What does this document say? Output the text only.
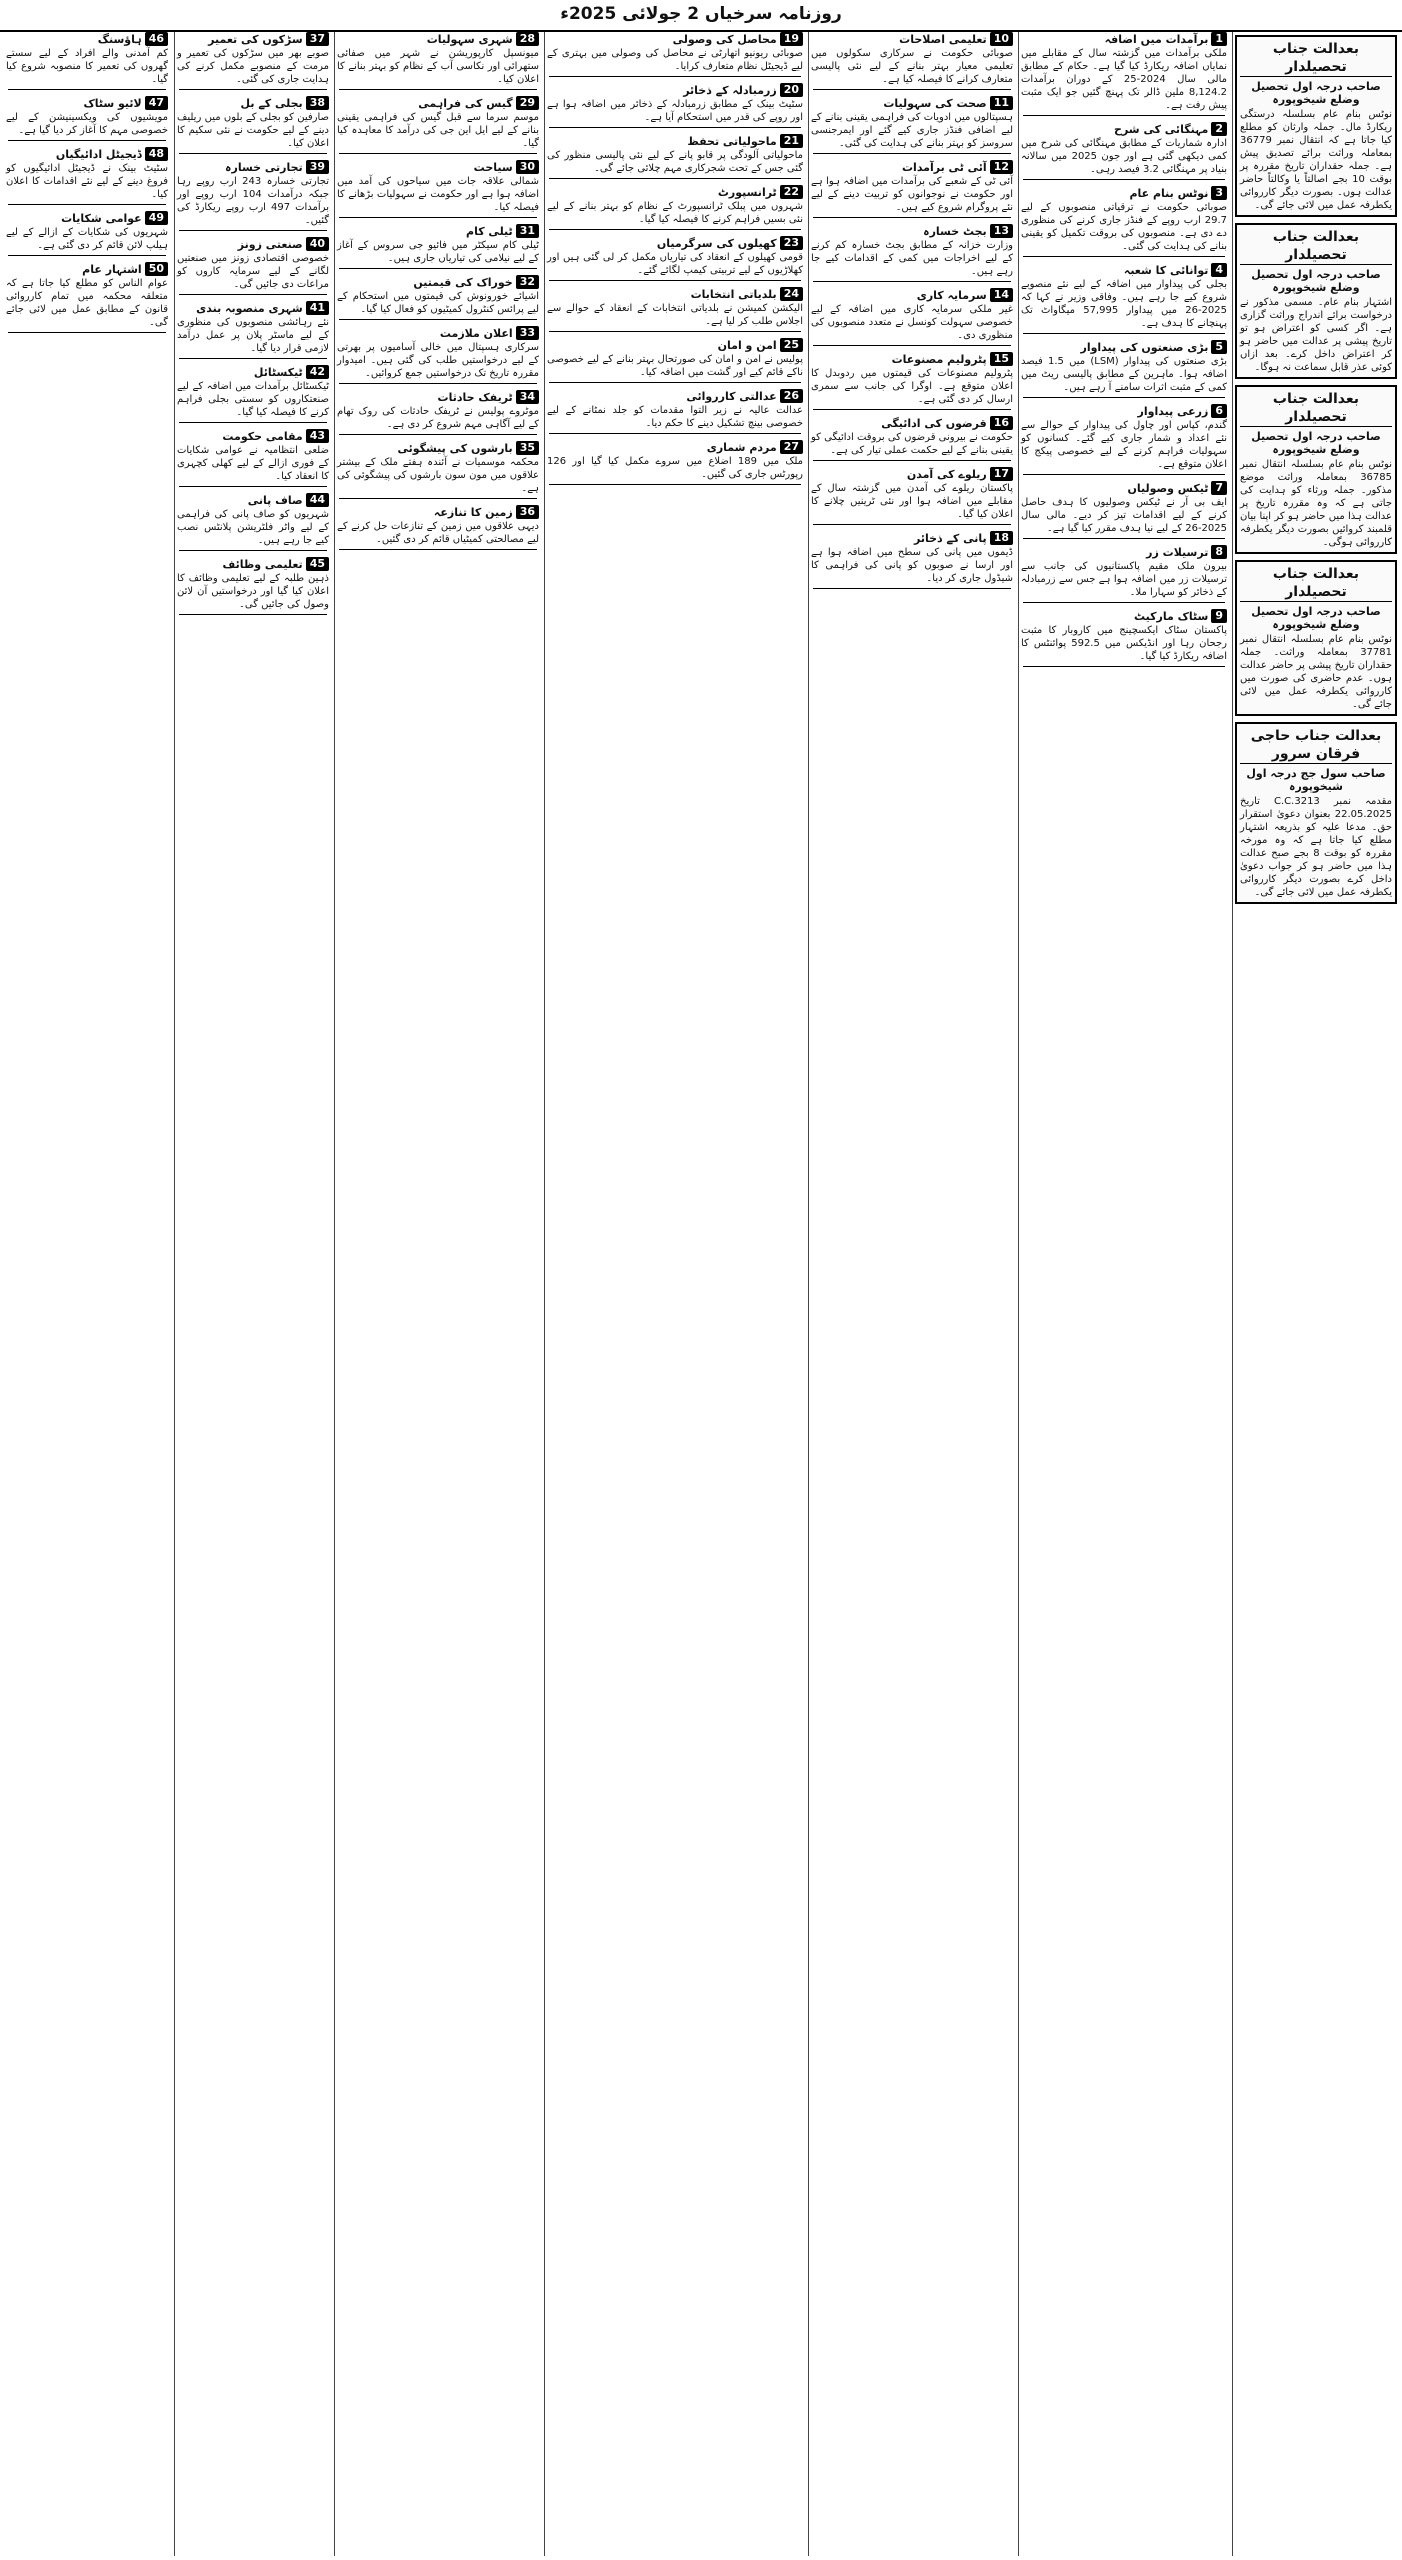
روزنامہ سرخیاں 2 جولائی 2025ء
بعدالت جناب تحصیلدار
صاحب درجہ اول تحصیل وضلع شیخوپورہ
نوٹس بنام عام بسلسلہ درستگی ریکارڈ مال۔ جملہ وارثان کو مطلع کیا جاتا ہے کہ انتقال نمبر 36779 بمعاملہ وراثت برائے تصدیق پیش ہے۔ جملہ حقداران تاریخ مقررہ پر بوقت 10 بجے اصالتاً یا وکالتاً حاضر عدالت ہوں۔ بصورت دیگر کارروائی یکطرفہ عمل میں لائی جائے گی۔
بعدالت جناب تحصیلدار
صاحب درجہ اول تحصیل وضلع شیخوپورہ
اشتہار بنام عام۔ مسمی مذکور نے درخواست برائے اندراج وراثت گزاری ہے۔ اگر کسی کو اعتراض ہو تو تاریخ پیشی پر عدالت میں حاضر ہو کر اعتراض داخل کرے۔ بعد ازاں کوئی عذر قابل سماعت نہ ہوگا۔
بعدالت جناب تحصیلدار
صاحب درجہ اول تحصیل وضلع شیخوپورہ
نوٹس بنام عام بسلسلہ انتقال نمبر 36785 بمعاملہ وراثت موضع مذکور۔ جملہ ورثاء کو ہدایت کی جاتی ہے کہ وہ مقررہ تاریخ پر عدالت ہذا میں حاضر ہو کر اپنا بیان قلمبند کروائیں بصورت دیگر یکطرفہ کارروائی ہوگی۔
بعدالت جناب تحصیلدار
صاحب درجہ اول تحصیل وضلع شیخوپورہ
نوٹس بنام عام بسلسلہ انتقال نمبر 37781 بمعاملہ وراثت۔ جملہ حقداران تاریخ پیشی پر حاضر عدالت ہوں۔ عدم حاضری کی صورت میں کارروائی یکطرفہ عمل میں لائی جائے گی۔
بعدالت جناب حاجی فرقان سرور
صاحب سول جج درجہ اول شیخوپورہ
مقدمہ نمبر C.C.3213 تاریخ 22.05.2025 بعنوان دعویٰ استقرار حق۔ مدعا علیہ کو بذریعہ اشتہار مطلع کیا جاتا ہے کہ وہ مورخہ مقررہ کو بوقت 8 بجے صبح عدالت ہذا میں حاضر ہو کر جواب دعویٰ داخل کرے بصورت دیگر کارروائی یکطرفہ عمل میں لائی جائے گی۔
1
برآمدات میں اضافہ
ملکی برآمدات میں گزشتہ سال کے مقابلے میں نمایاں اضافہ ریکارڈ کیا گیا ہے۔ حکام کے مطابق مالی سال 2024-25 کے دوران برآمدات 8,124.2 ملین ڈالر تک پہنچ گئیں جو ایک مثبت پیش رفت ہے۔
2
مہنگائی کی شرح
ادارہ شماریات کے مطابق مہنگائی کی شرح میں کمی دیکھی گئی ہے اور جون 2025 میں سالانہ بنیاد پر مہنگائی 3.2 فیصد رہی۔
3
نوٹس بنام عام
صوبائی حکومت نے ترقیاتی منصوبوں کے لیے 29.7 ارب روپے کے فنڈز جاری کرنے کی منظوری دے دی ہے۔ منصوبوں کی بروقت تکمیل کو یقینی بنانے کی ہدایت کی گئی۔
4
توانائی کا شعبہ
بجلی کی پیداوار میں اضافہ کے لیے نئے منصوبے شروع کیے جا رہے ہیں۔ وفاقی وزیر نے کہا کہ 2025-26 میں پیداوار 57,995 میگاواٹ تک پہنچانے کا ہدف ہے۔
5
بڑی صنعتوں کی پیداوار
بڑی صنعتوں کی پیداوار (LSM) میں 1.5 فیصد اضافہ ہوا۔ ماہرین کے مطابق پالیسی ریٹ میں کمی کے مثبت اثرات سامنے آ رہے ہیں۔
6
زرعی پیداوار
گندم، کپاس اور چاول کی پیداوار کے حوالے سے نئے اعداد و شمار جاری کیے گئے۔ کسانوں کو سہولیات فراہم کرنے کے لیے خصوصی پیکج کا اعلان متوقع ہے۔
7
ٹیکس وصولیاں
ایف بی آر نے ٹیکس وصولیوں کا ہدف حاصل کرنے کے لیے اقدامات تیز کر دیے۔ مالی سال 2025-26 کے لیے نیا ہدف مقرر کیا گیا ہے۔
8
ترسیلات زر
بیرون ملک مقیم پاکستانیوں کی جانب سے ترسیلات زر میں اضافہ ہوا ہے جس سے زرمبادلہ کے ذخائر کو سہارا ملا۔
9
سٹاک مارکیٹ
پاکستان سٹاک ایکسچینج میں کاروبار کا مثبت رجحان رہا اور انڈیکس میں 592.5 پوائنٹس کا اضافہ ریکارڈ کیا گیا۔
10
تعلیمی اصلاحات
صوبائی حکومت نے سرکاری سکولوں میں تعلیمی معیار بہتر بنانے کے لیے نئی پالیسی متعارف کرانے کا فیصلہ کیا ہے۔
11
صحت کی سہولیات
ہسپتالوں میں ادویات کی فراہمی یقینی بنانے کے لیے اضافی فنڈز جاری کیے گئے اور ایمرجنسی سروسز کو بہتر بنانے کی ہدایت کی گئی۔
12
آئی ٹی برآمدات
آئی ٹی کے شعبے کی برآمدات میں اضافہ ہوا ہے اور حکومت نے نوجوانوں کو تربیت دینے کے لیے نئے پروگرام شروع کیے ہیں۔
13
بجٹ خسارہ
وزارت خزانہ کے مطابق بجٹ خسارہ کم کرنے کے لیے اخراجات میں کمی کے اقدامات کیے جا رہے ہیں۔
14
سرمایہ کاری
غیر ملکی سرمایہ کاری میں اضافہ کے لیے خصوصی سہولت کونسل نے متعدد منصوبوں کی منظوری دی۔
15
پٹرولیم مصنوعات
پٹرولیم مصنوعات کی قیمتوں میں ردوبدل کا اعلان متوقع ہے۔ اوگرا کی جانب سے سمری ارسال کر دی گئی ہے۔
16
قرضوں کی ادائیگی
حکومت نے بیرونی قرضوں کی بروقت ادائیگی کو یقینی بنانے کے لیے حکمت عملی تیار کی ہے۔
17
ریلوے کی آمدن
پاکستان ریلوے کی آمدن میں گزشتہ سال کے مقابلے میں اضافہ ہوا اور نئی ٹرینیں چلانے کا اعلان کیا گیا۔
18
پانی کے ذخائر
ڈیموں میں پانی کی سطح میں اضافہ ہوا ہے اور ارسا نے صوبوں کو پانی کی فراہمی کا شیڈول جاری کر دیا۔
19
محاصل کی وصولی
صوبائی ریونیو اتھارٹی نے محاصل کی وصولی میں بہتری کے لیے ڈیجیٹل نظام متعارف کرایا۔
20
زرمبادلہ کے ذخائر
سٹیٹ بینک کے مطابق زرمبادلہ کے ذخائر میں اضافہ ہوا ہے اور روپے کی قدر میں استحکام آیا ہے۔
21
ماحولیاتی تحفظ
ماحولیاتی آلودگی پر قابو پانے کے لیے نئی پالیسی منظور کی گئی جس کے تحت شجرکاری مہم چلائی جائے گی۔
22
ٹرانسپورٹ
شہروں میں پبلک ٹرانسپورٹ کے نظام کو بہتر بنانے کے لیے نئی بسیں فراہم کرنے کا فیصلہ کیا گیا۔
23
کھیلوں کی سرگرمیاں
قومی کھیلوں کے انعقاد کی تیاریاں مکمل کر لی گئی ہیں اور کھلاڑیوں کے لیے تربیتی کیمپ لگائے گئے۔
24
بلدیاتی انتخابات
الیکشن کمیشن نے بلدیاتی انتخابات کے انعقاد کے حوالے سے اجلاس طلب کر لیا ہے۔
25
امن و امان
پولیس نے امن و امان کی صورتحال بہتر بنانے کے لیے خصوصی ناکے قائم کیے اور گشت میں اضافہ کیا۔
26
عدالتی کارروائی
عدالت عالیہ نے زیر التوا مقدمات کو جلد نمٹانے کے لیے خصوصی بینچ تشکیل دینے کا حکم دیا۔
27
مردم شماری
ملک میں 189 اضلاع میں سروے مکمل کیا گیا اور 126 رپورٹس جاری کی گئیں۔
28
شہری سہولیات
میونسپل کارپوریشن نے شہر میں صفائی ستھرائی اور نکاسی آب کے نظام کو بہتر بنانے کا اعلان کیا۔
29
گیس کی فراہمی
موسم سرما سے قبل گیس کی فراہمی یقینی بنانے کے لیے ایل این جی کی درآمد کا معاہدہ کیا گیا۔
30
سیاحت
شمالی علاقہ جات میں سیاحوں کی آمد میں اضافہ ہوا ہے اور حکومت نے سہولیات بڑھانے کا فیصلہ کیا۔
31
ٹیلی کام
ٹیلی کام سیکٹر میں فائیو جی سروس کے آغاز کے لیے نیلامی کی تیاریاں جاری ہیں۔
32
خوراک کی قیمتیں
اشیائے خورونوش کی قیمتوں میں استحکام کے لیے پرائس کنٹرول کمیٹیوں کو فعال کیا گیا۔
33
اعلان ملازمت
سرکاری ہسپتال میں خالی آسامیوں پر بھرتی کے لیے درخواستیں طلب کی گئی ہیں۔ امیدوار مقررہ تاریخ تک درخواستیں جمع کروائیں۔
34
ٹریفک حادثات
موٹروے پولیس نے ٹریفک حادثات کی روک تھام کے لیے آگاہی مہم شروع کر دی ہے۔
35
بارشوں کی پیشگوئی
محکمہ موسمیات نے آئندہ ہفتے ملک کے بیشتر علاقوں میں مون سون بارشوں کی پیشگوئی کی ہے۔
36
زمین کا تنازعہ
دیہی علاقوں میں زمین کے تنازعات حل کرنے کے لیے مصالحتی کمیٹیاں قائم کر دی گئیں۔
37
سڑکوں کی تعمیر
صوبے بھر میں سڑکوں کی تعمیر و مرمت کے منصوبے مکمل کرنے کی ہدایت جاری کی گئی۔
38
بجلی کے بل
صارفین کو بجلی کے بلوں میں ریلیف دینے کے لیے حکومت نے نئی سکیم کا اعلان کیا۔
39
تجارتی خسارہ
تجارتی خسارہ 243 ارب روپے رہا جبکہ درآمدات 104 ارب روپے اور برآمدات 497 ارب روپے ریکارڈ کی گئیں۔
40
صنعتی زونز
خصوصی اقتصادی زونز میں صنعتیں لگانے کے لیے سرمایہ کاروں کو مراعات دی جائیں گی۔
41
شہری منصوبہ بندی
نئے رہائشی منصوبوں کی منظوری کے لیے ماسٹر پلان پر عمل درآمد لازمی قرار دیا گیا۔
42
ٹیکسٹائل
ٹیکسٹائل برآمدات میں اضافہ کے لیے صنعتکاروں کو سستی بجلی فراہم کرنے کا فیصلہ کیا گیا۔
43
مقامی حکومت
ضلعی انتظامیہ نے عوامی شکایات کے فوری ازالے کے لیے کھلی کچہری کا انعقاد کیا۔
44
صاف پانی
شہریوں کو صاف پانی کی فراہمی کے لیے واٹر فلٹریشن پلانٹس نصب کیے جا رہے ہیں۔
45
تعلیمی وظائف
ذہین طلبہ کے لیے تعلیمی وظائف کا اعلان کیا گیا اور درخواستیں آن لائن وصول کی جائیں گی۔
46
ہاؤسنگ
کم آمدنی والے افراد کے لیے سستے گھروں کی تعمیر کا منصوبہ شروع کیا گیا۔
47
لائیو سٹاک
مویشیوں کی ویکسینیشن کے لیے خصوصی مہم کا آغاز کر دیا گیا ہے۔
48
ڈیجیٹل ادائیگیاں
سٹیٹ بینک نے ڈیجیٹل ادائیگیوں کو فروغ دینے کے لیے نئے اقدامات کا اعلان کیا۔
49
عوامی شکایات
شہریوں کی شکایات کے ازالے کے لیے ہیلپ لائن قائم کر دی گئی ہے۔
50
اشتہار عام
عوام الناس کو مطلع کیا جاتا ہے کہ متعلقہ محکمہ میں تمام کارروائی قانون کے مطابق عمل میں لائی جائے گی۔
